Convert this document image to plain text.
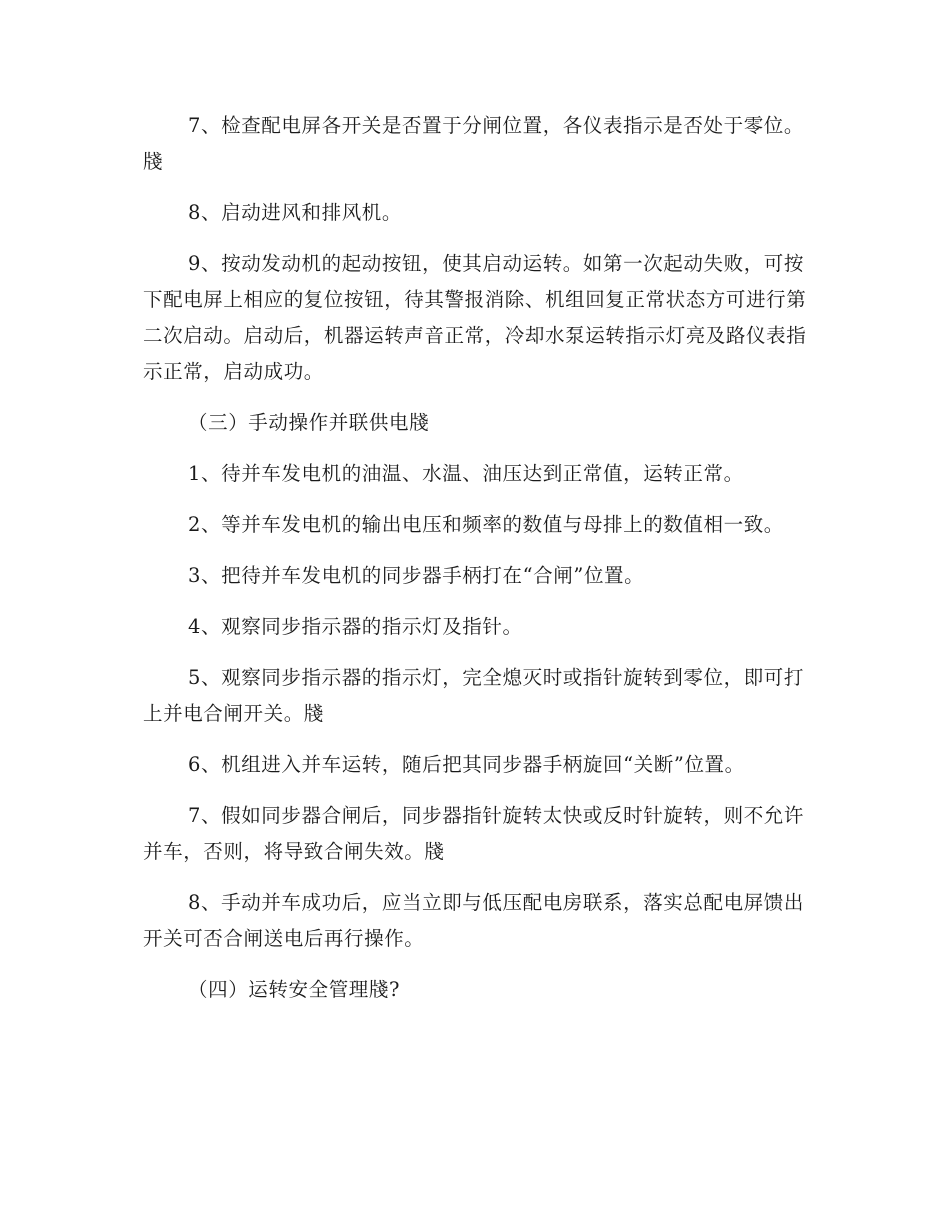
7、检查配电屏各开关是否置于分闸位置，各仪表指示是否处于零位。牋

8、启动进风和排风机。

9、按动发动机的起动按钮，使其启动运转。如第一次起动失败，可按下配电屏上相应的复位按钮，待其警报消除、机组回复正常状态方可进行第二次启动。启动后，机器运转声音正常，冷却水泵运转指示灯亮及路仪表指示正常，启动成功。

（三）手动操作并联供电牋

1、待并车发电机的油温、水温、油压达到正常值，运转正常。

2、等并车发电机的输出电压和频率的数值与母排上的数值相一致。

3、把待并车发电机的同步器手柄打在“合闸”位置。

4、观察同步指示器的指示灯及指针。

5、观察同步指示器的指示灯，完全熄灭时或指针旋转到零位，即可打上并电合闸开关。牋

6、机组进入并车运转，随后把其同步器手柄旋回“关断”位置。

7、假如同步器合闸后，同步器指针旋转太快或反时针旋转，则不允许并车，否则，将导致合闸失效。牋

8、手动并车成功后，应当立即与低压配电房联系，落实总配电屏馈出开关可否合闸送电后再行操作。

（四）运转安全管理牋?
